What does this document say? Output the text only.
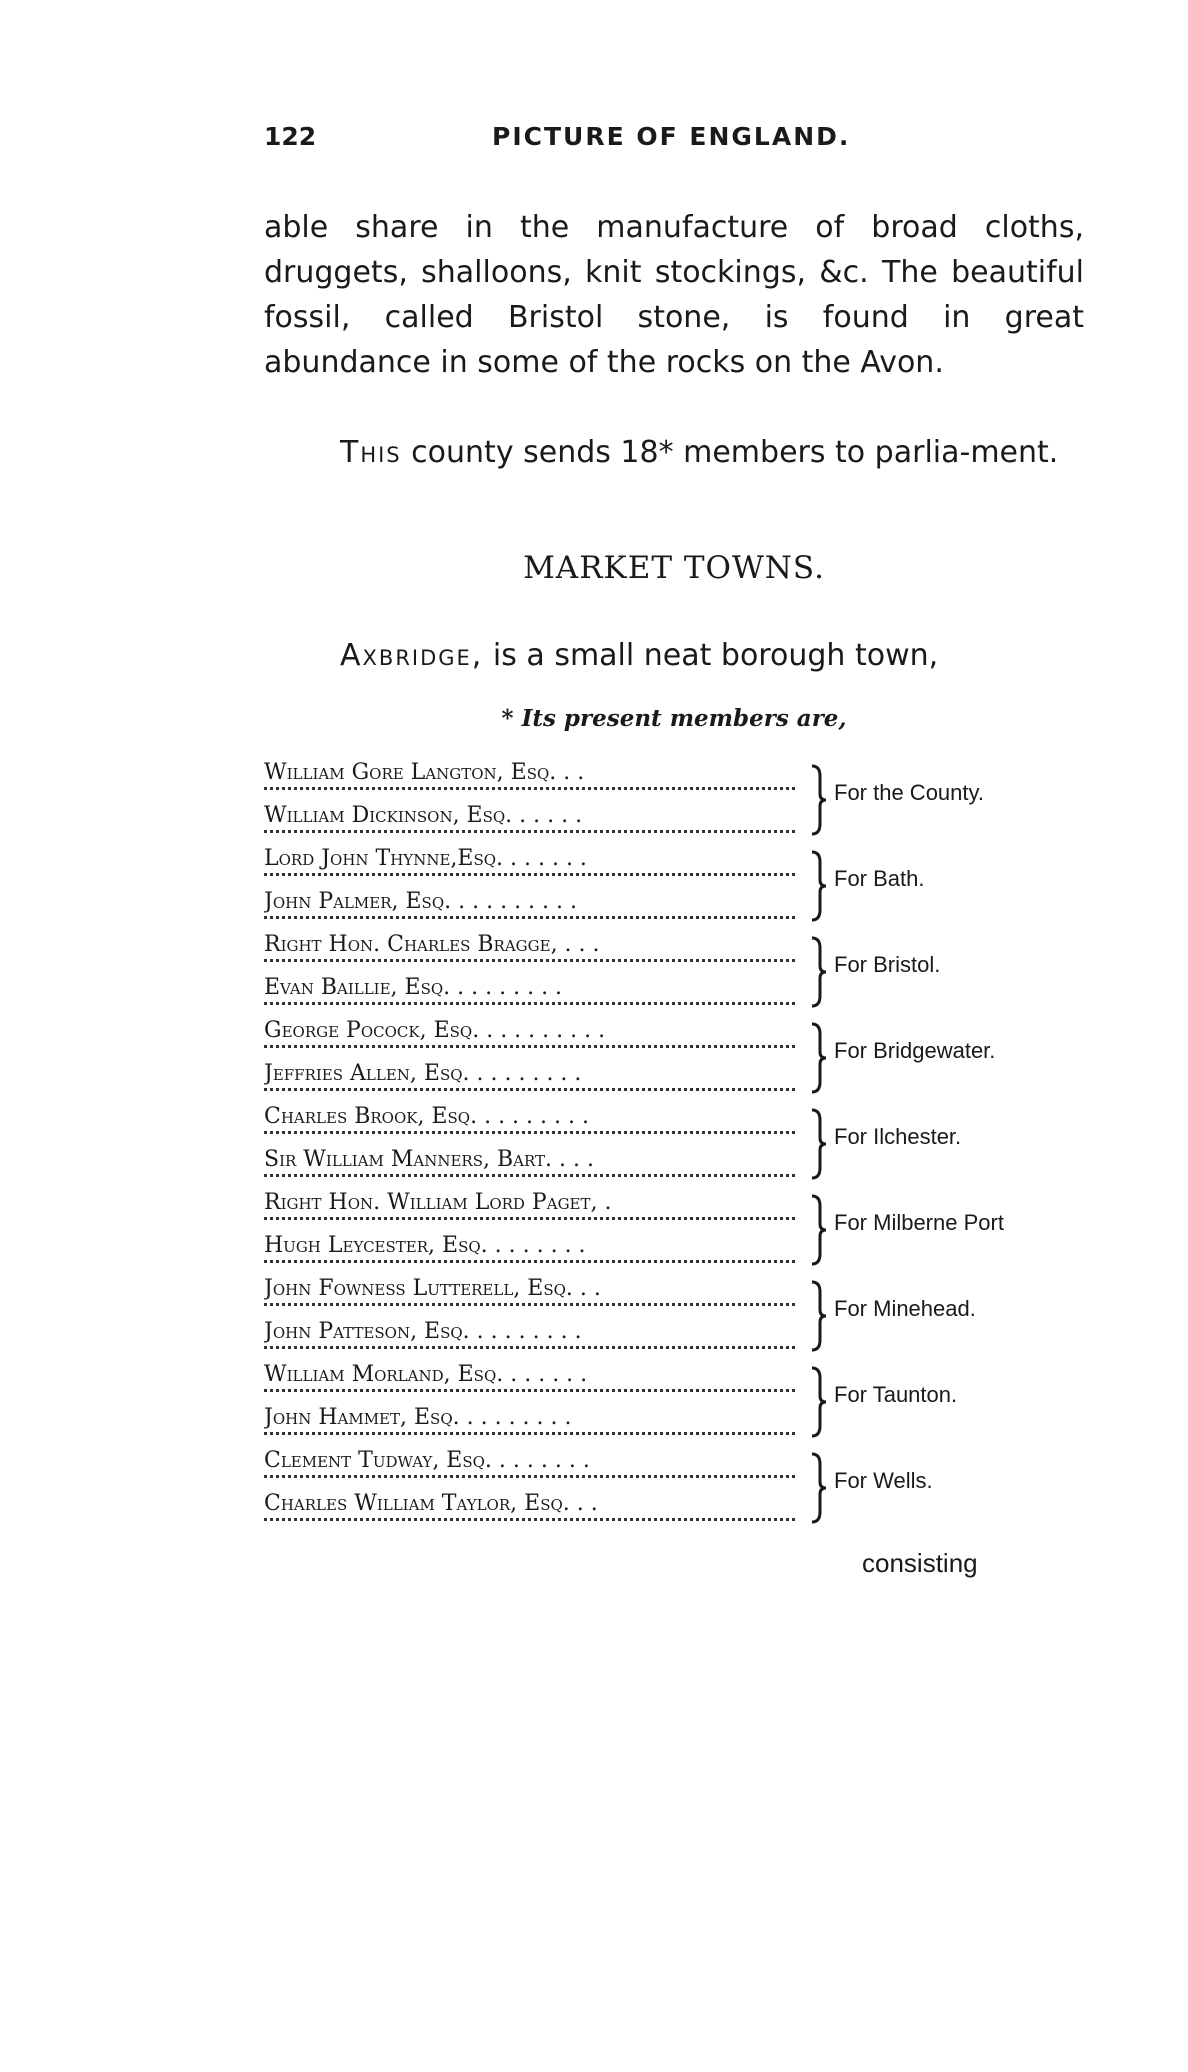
122	PICTURE OF ENGLAND.
able share in the manufacture of broad cloths, druggets, shalloons, knit stockings, &c. The beautiful fossil, called Bristol stone, is found in great abundance in some of the rocks on the Avon.
This county sends 18* members to parlia-ment.
MARKET TOWNS.
Axbridge, is a small neat borough town,
* Its present members are,
William Gore Langton, Esq. . .
William Dickinson, Esq. . . . . .
For the County.
Lord John Thynne,Esq. . . . . . .
John Palmer, Esq. . . . . . . . . .
For Bath.
Right Hon. Charles Bragge, . . .
Evan Baillie, Esq. . . . . . . . .
For Bristol.
George Pocock, Esq. . . . . . . . . .
Jeffries Allen, Esq. . . . . . . . .
For Bridgewater.
Charles Brook, Esq. . . . . . . . .
Sir William Manners, Bart. . . .
For Ilchester.
Right Hon. William Lord Paget, .
Hugh Leycester, Esq. . . . . . . .
For Milberne Port
John Fowness Lutterell, Esq. . .
John Patteson, Esq. . . . . . . . .
For Minehead.
William Morland, Esq. . . . . . .
John Hammet, Esq. . . . . . . . .
For Taunton.
Clement Tudway, Esq. . . . . . . .
Charles William Taylor, Esq. . .
For Wells.
consisting
